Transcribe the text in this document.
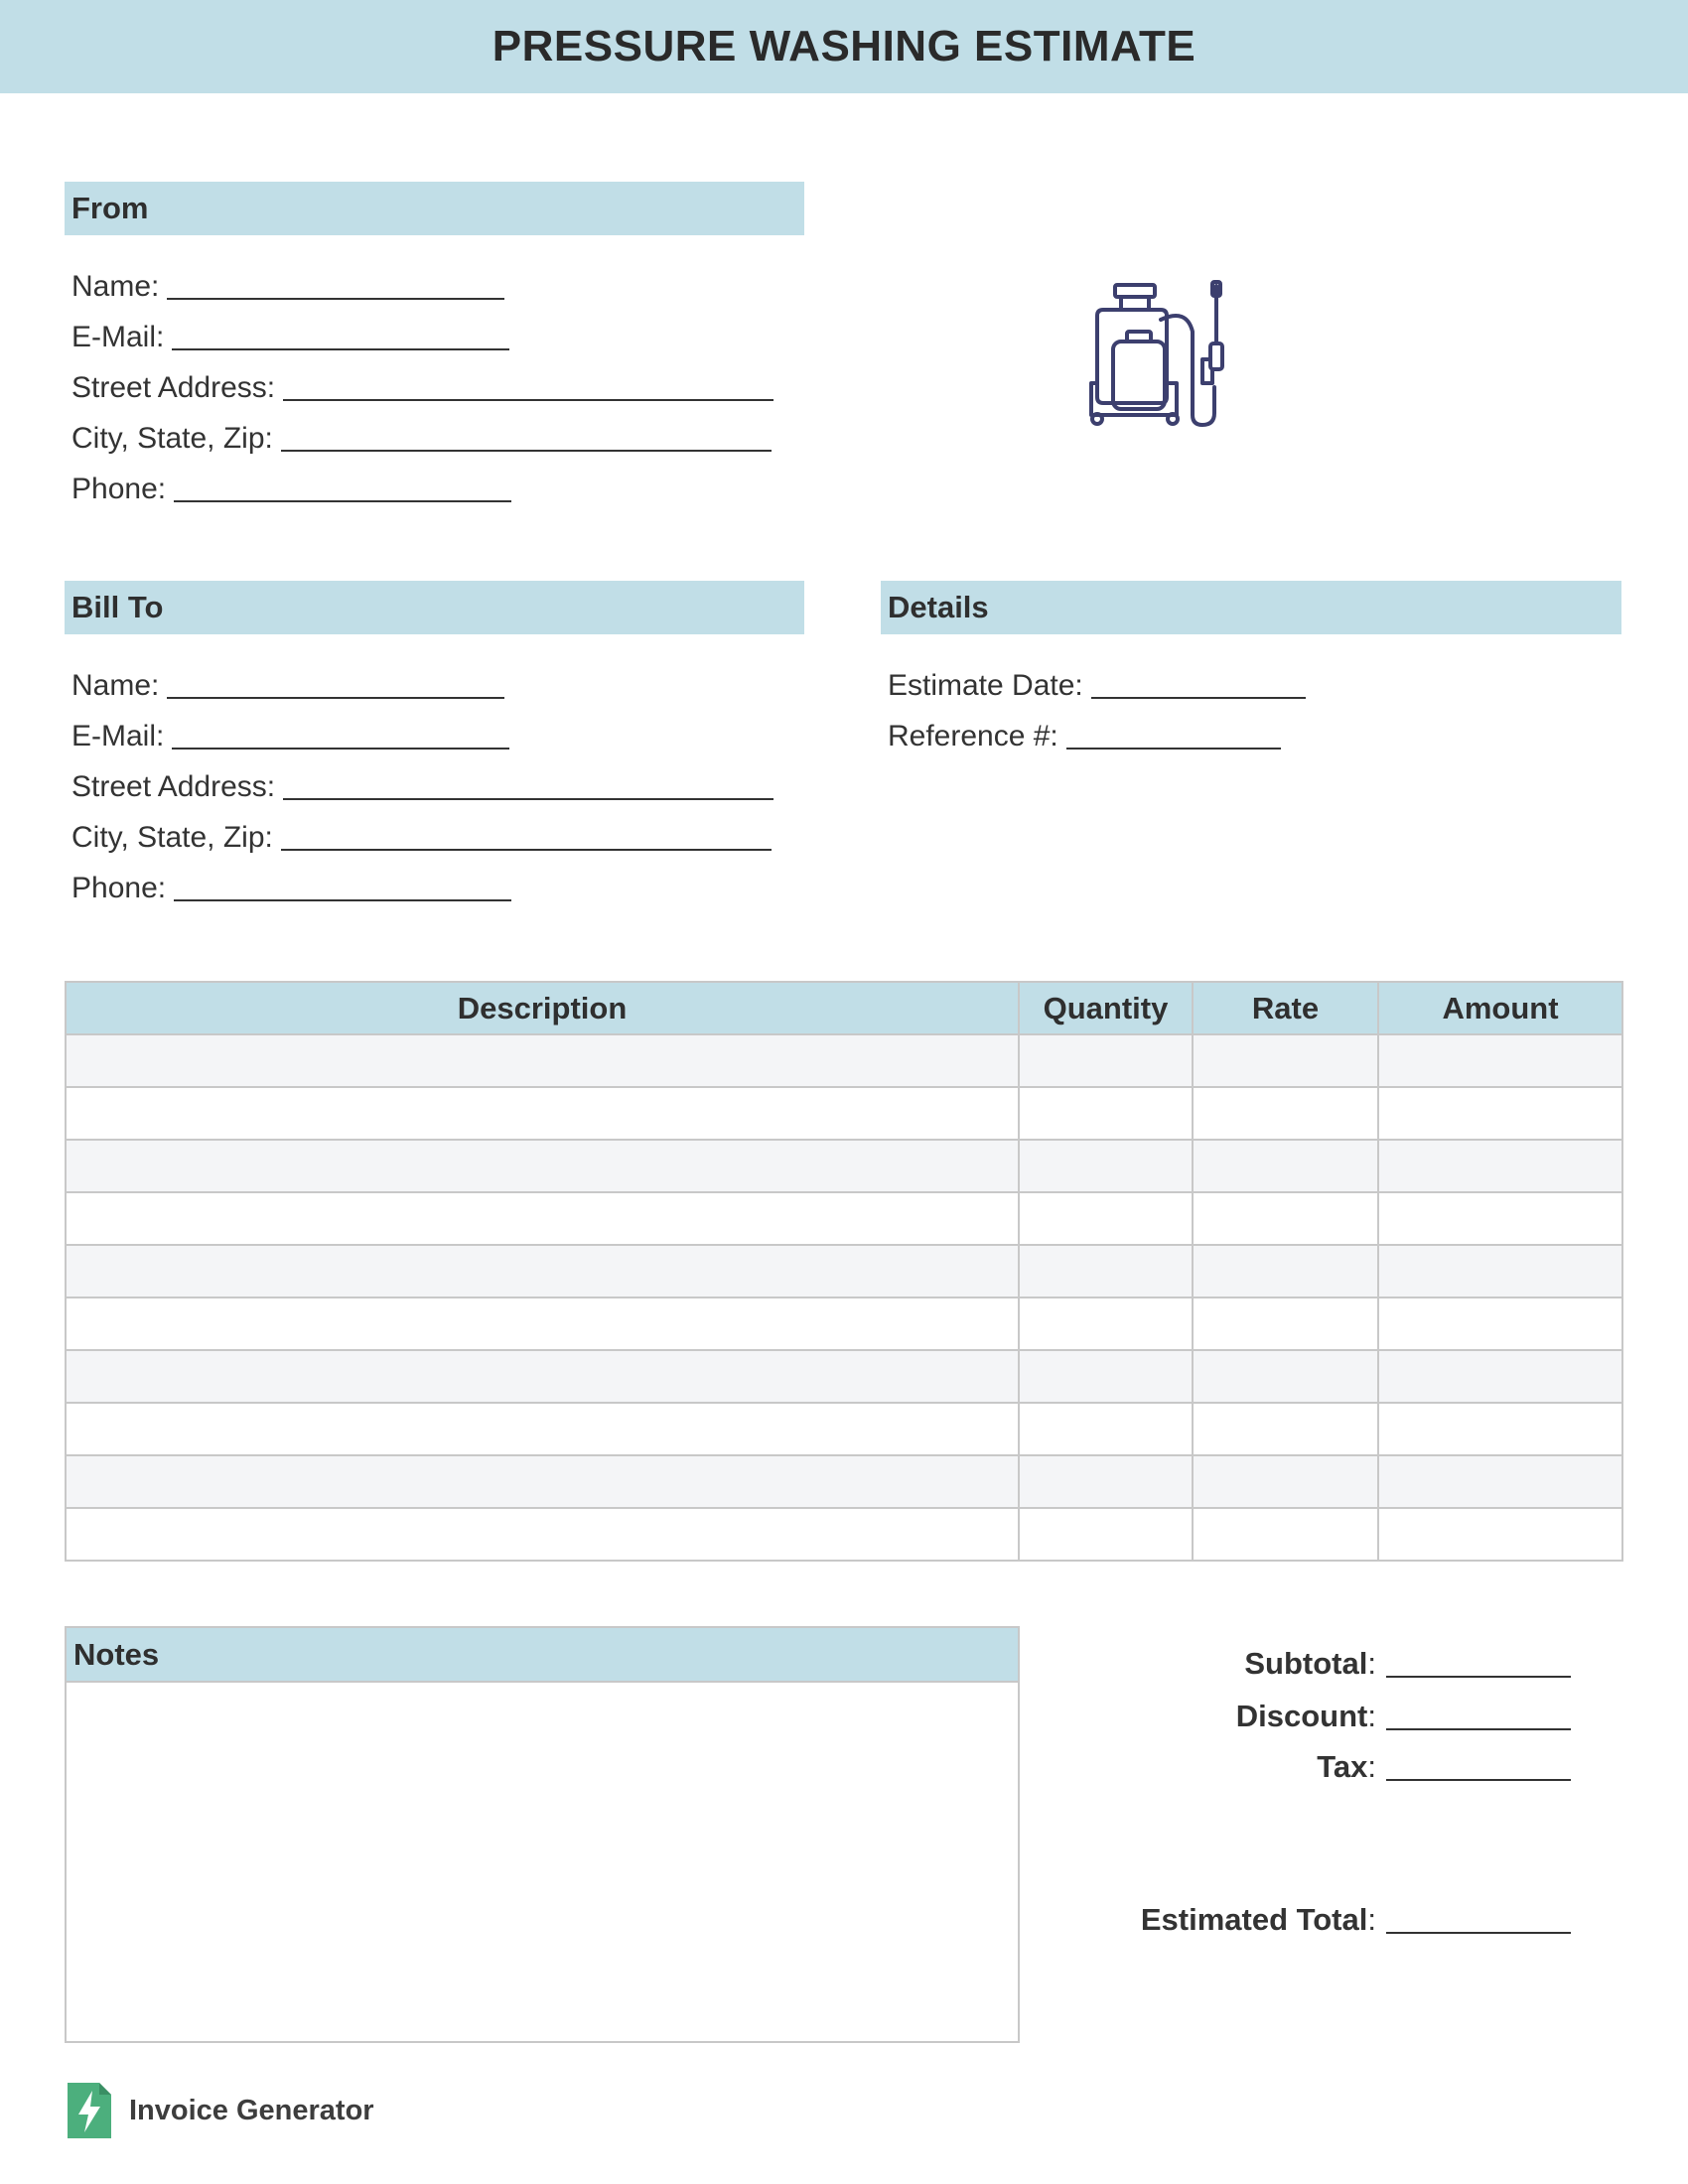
PRESSURE WASHING ESTIMATE
From
Name:
E-Mail:
Street Address:
City, State, Zip:
Phone:
Bill To
Name:
E-Mail:
Street Address:
City, State, Zip:
Phone:
Details
Estimate Date:
Reference #:
Description	Quantity	Rate	Amount

Notes	Subtotal :
Discount :
Tax :
Estimated Total :
Invoice Generator
